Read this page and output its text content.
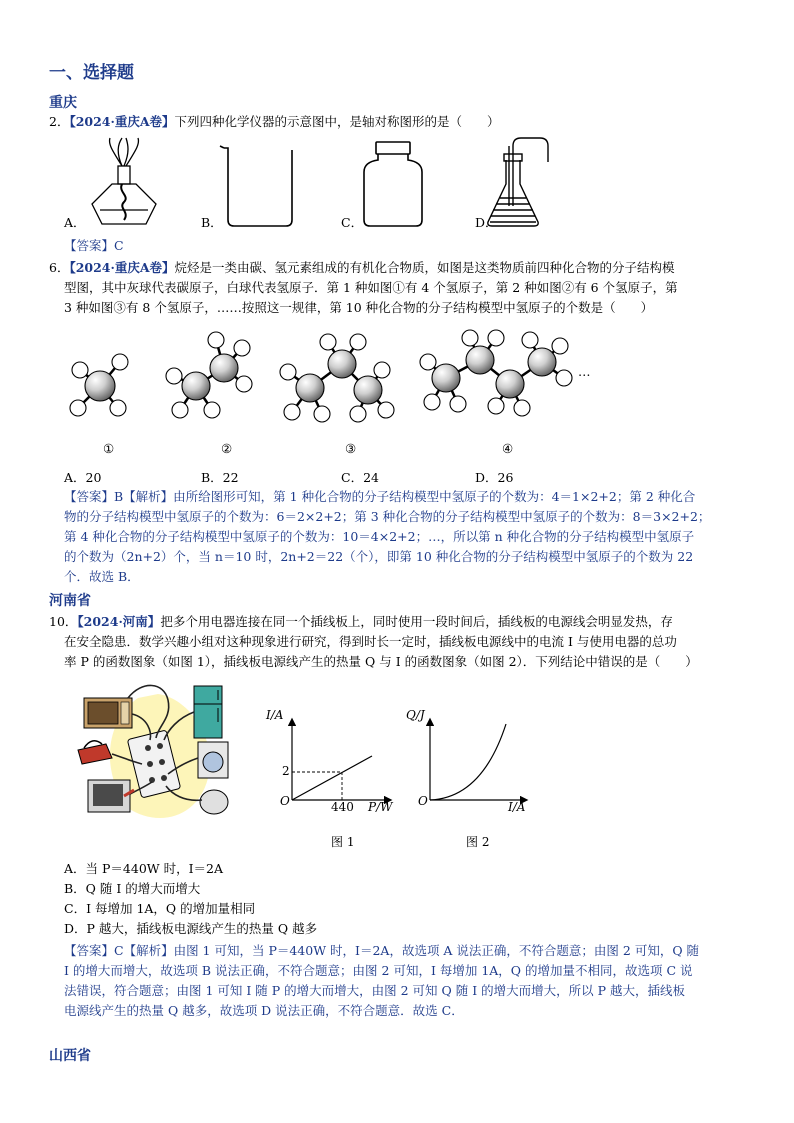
一、选择题
重庆
2．【2024·重庆A卷】下列四种化学仪器的示意图中，是轴对称图形的是（　　）
A．	B．	C．	D．
【答案】C
6．【2024·重庆A卷】烷烃是一类由碳、氢元素组成的有机化合物质，如图是这类物质前四种化合物的分子结构模
型图，其中灰球代表碳原子，白球代表氢原子．第 1 种如图①有 4 个氢原子，第 2 种如图②有 6 个氢原子，第
3 种如图③有 8 个氢原子，……按照这一规律，第 10 种化合物的分子结构模型中氢原子的个数是（　　）
…
①	②	③	④
A．20	B．22	C．24	D．26
【答案】B【解析】由所给图形可知，第 1 种化合物的分子结构模型中氢原子的个数为：4＝1×2+2；第 2 种化合
物的分子结构模型中氢原子的个数为：6＝2×2+2；第 3 种化合物的分子结构模型中氢原子的个数为：8＝3×2+2；
第 4 种化合物的分子结构模型中氢原子的个数为：10＝4×2+2；…，所以第 n 种化合物的分子结构模型中氢原子
的个数为（2n+2）个，当 n＝10 时，2n+2＝22（个），即第 10 种化合物的分子结构模型中氢原子的个数为 22
个．故选 B．
河南省
10．【2024·河南】把多个用电器连接在同一个插线板上，同时使用一段时间后，插线板的电源线会明显发热，存
在安全隐患．数学兴趣小组对这种现象进行研究，得到时长一定时，插线板电源线中的电流 I 与使用电器的总功
率 P 的函数图象（如图 1），插线板电源线产生的热量 Q 与 I 的函数图象（如图 2）．下列结论中错误的是（　　）
I/A
P/W
O
2
440
图 1
Q/J
I/A
O
图 2
A．当 P＝440W 时，I＝2A
B．Q 随 I 的增大而增大
C．I 每增加 1A，Q 的增加量相同
D．P 越大，插线板电源线产生的热量 Q 越多
【答案】C【解析】由图 1 可知，当 P＝440W 时，I＝2A，故选项 A 说法正确，不符合题意；由图 2 可知，Q 随
I 的增大而增大，故选项 B 说法正确，不符合题意；由图 2 可知，I 每增加 1A，Q 的增加量不相同，故选项 C 说
法错误，符合题意；由图 1 可知 I 随 P 的增大而增大，由图 2 可知 Q 随 I 的增大而增大，所以 P 越大，插线板
电源线产生的热量 Q 越多，故选项 D 说法正确，不符合题意．故选 C．
山西省
